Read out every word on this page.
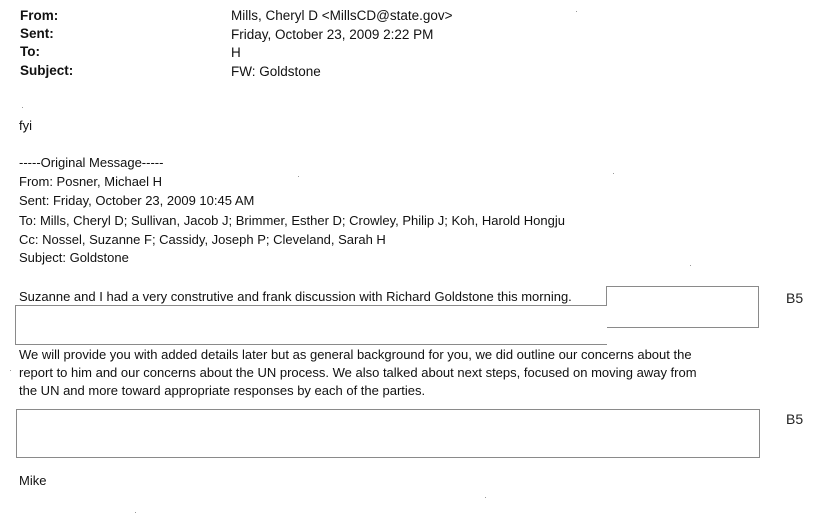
From:	Mills, Cheryl D <MillsCD@state.gov>
Sent:	Friday, October 23, 2009 2:22 PM
To:	H
Subject:	FW: Goldstone
fyi
-----Original Message-----
From: Posner, Michael H
Sent: Friday, October 23, 2009 10:45 AM
To: Mills, Cheryl D; Sullivan, Jacob J; Brimmer, Esther D; Crowley, Philip J; Koh, Harold Hongju
Cc: Nossel, Suzanne F; Cassidy, Joseph P; Cleveland, Sarah H
Subject: Goldstone
Suzanne and I had a very construtive and frank discussion with Richard Goldstone this morning.	B5
We will provide you with added details later but as general background for you, we did outline our concerns about the
report to him and our concerns about the UN process. We also talked about next steps, focused on moving away from
the UN and more toward appropriate responses by each of the parties.
B5
Mike
